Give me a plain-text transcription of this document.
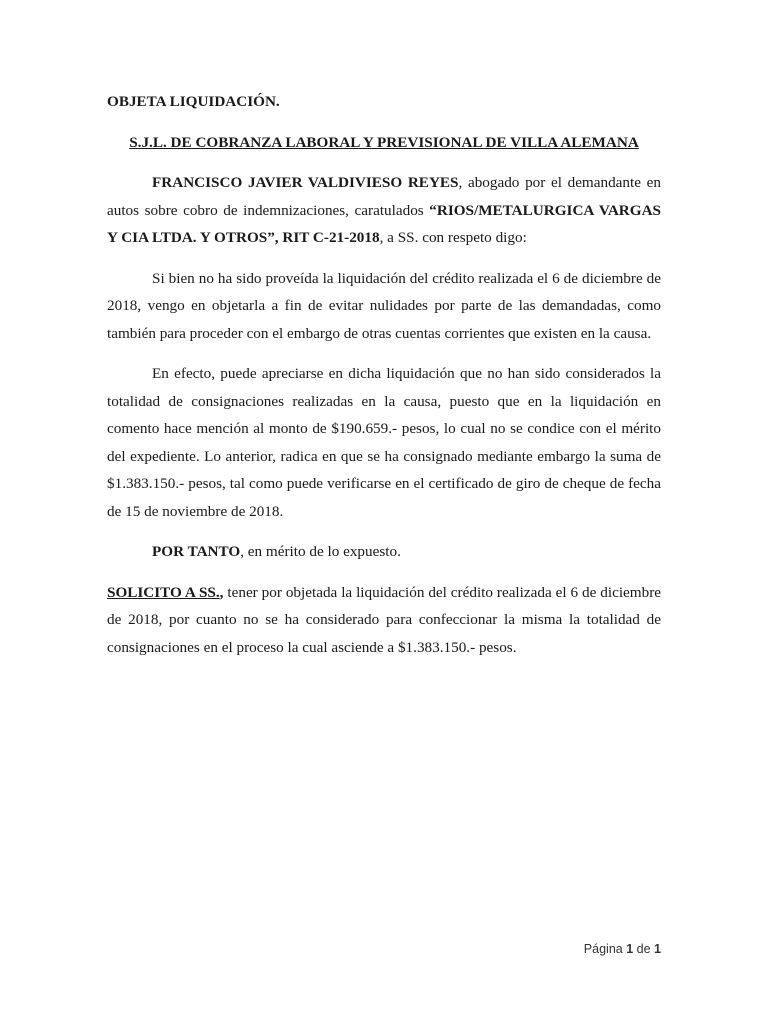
OBJETA LIQUIDACIÓN.

S.J.L. DE COBRANZA LABORAL Y PREVISIONAL DE VILLA ALEMANA

FRANCISCO JAVIER VALDIVIESO REYES, abogado por el demandante en autos sobre cobro de indemnizaciones, caratulados “RIOS/METALURGICA VARGAS Y CIA LTDA. Y OTROS”, RIT C-21-2018, a SS. con respeto digo:

Si bien no ha sido proveída la liquidación del crédito realizada el 6 de diciembre de 2018, vengo en objetarla a fin de evitar nulidades por parte de las demandadas, como también para proceder con el embargo de otras cuentas corrientes que existen en la causa.

En efecto, puede apreciarse en dicha liquidación que no han sido considerados la totalidad de consignaciones realizadas en la causa, puesto que en la liquidación en comento hace mención al monto de $190.659.- pesos, lo cual no se condice con el mérito del expediente. Lo anterior, radica en que se ha consignado mediante embargo la suma de $1.383.150.- pesos, tal como puede verificarse en el certificado de giro de cheque de fecha de 15 de noviembre de 2018.

POR TANTO, en mérito de lo expuesto.

SOLICITO A SS., tener por objetada la liquidación del crédito realizada el 6 de diciembre de 2018, por cuanto no se ha considerado para confeccionar la misma la totalidad de consignaciones en el proceso la cual asciende a $1.383.150.- pesos.

Página 1 de 1
